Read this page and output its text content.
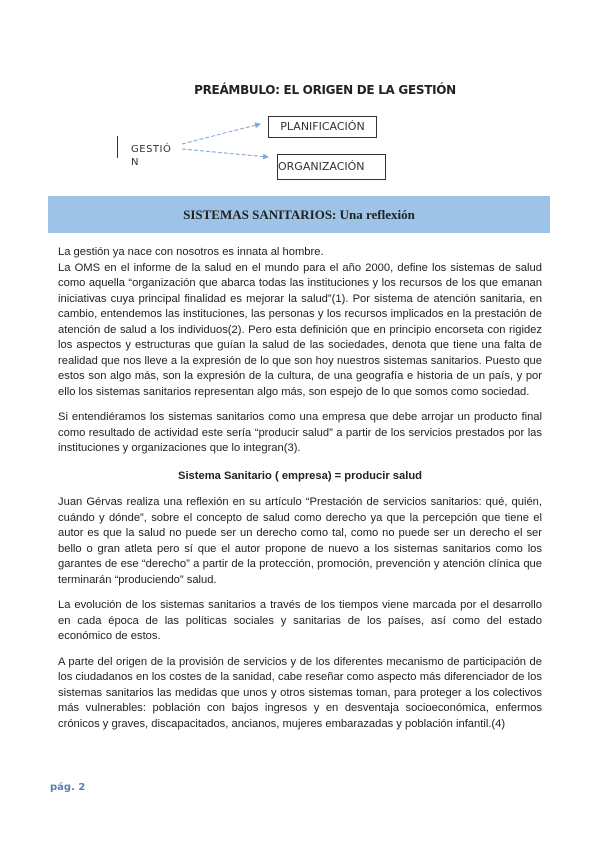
PREÁMBULO: EL ORIGEN DE LA GESTIÓN
GESTIÓ
N
PLANIFICACIÓN
ORGANIZACIÓN
SISTEMAS SANITARIOS: Una reflexión

La gestión ya nace con nosotros es innata al hombre.

La OMS en el informe de la salud en el mundo para el año 2000, define los sistemas de salud como aquella “organización que abarca todas las instituciones y los recursos de los que emanan iniciativas cuya principal finalidad es mejorar la salud”(1). Por sistema de atención sanitaria, en cambio, entendemos las instituciones, las personas y los recursos implicados en la prestación de atención de salud a los individuos(2). Pero esta definición que en principio encorseta con rigidez los aspectos y estructuras que guían la salud de las sociedades, denota que tiene una falta de realidad que nos lleve a la expresión de lo que son hoy nuestros sistemas sanitarios. Puesto que estos son algo más, son la expresión de la cultura, de una geografía e historia de un país, y por ello los sistemas sanitarios representan algo más, son espejo de lo que somos como sociedad.

Si entendiéramos los sistemas sanitarios como una empresa que debe arrojar un producto final como resultado de actividad este sería “producir salud” a partir de los servicios prestados por las instituciones y organizaciones que lo integran(3).

Sistema Sanitario ( empresa) = producir salud

Juan Gérvas realiza una reflexión en su artículo “Prestación de servicios sanitarios: qué, quién, cuándo y dónde”, sobre el concepto de salud como derecho ya que la percepción que tiene el autor es que la salud no puede ser un derecho como tal, como no puede ser un derecho el ser bello o gran atleta pero sí que el autor propone de nuevo a los sistemas sanitarios como los garantes de ese “derecho” a partir de la protección, promoción, prevención y atención clínica que terminarán “produciendo” salud.

La evolución de los sistemas sanitarios a través de los tiempos viene marcada por el desarrollo en cada época de las políticas sociales y sanitarias de los países, así como del estado económico de estos.

A parte del origen de la provisión de servicios y de los diferentes mecanismo de participación de los ciudadanos en los costes de la sanidad, cabe reseñar como aspecto más diferenciador de los sistemas sanitarios las medidas que unos y otros sistemas toman, para proteger a los colectivos más vulnerables: población con bajos ingresos y en desventaja socioeconómica, enfermos crónicos y graves, discapacitados, ancianos, mujeres embarazadas y población infantil.(4)

pág. 2
